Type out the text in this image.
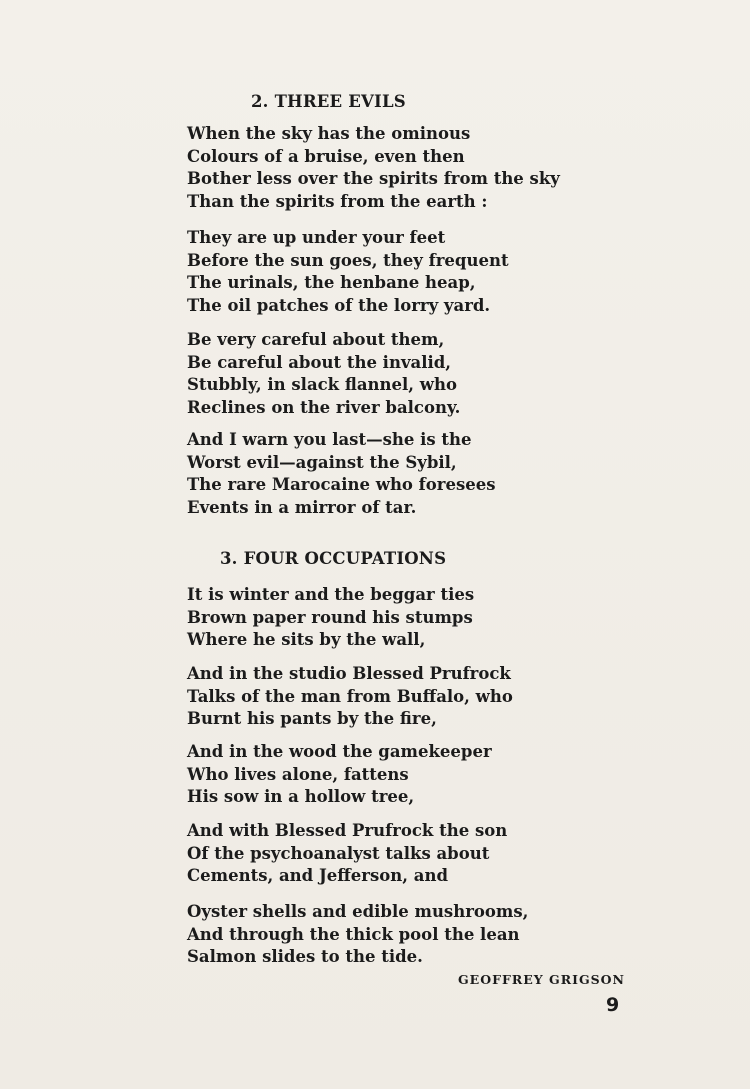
2. THREE EVILS
When the sky has the ominous
Colours of a bruise, even then
Bother less over the spirits from the sky
Than the spirits from the earth :
They are up under your feet
Before the sun goes, they frequent
The urinals, the henbane heap,
The oil patches of the lorry yard.
Be very careful about them,
Be careful about the invalid,
Stubbly, in slack flannel, who
Reclines on the river balcony.
And I warn you last—she is the
Worst evil—against the Sybil,
The rare Marocaine who foresees
Events in a mirror of tar.
3. FOUR OCCUPATIONS
It is winter and the beggar ties
Brown paper round his stumps
Where he sits by the wall,
And in the studio Blessed Prufrock
Talks of the man from Buffalo, who
Burnt his pants by the fire,
And in the wood the gamekeeper
Who lives alone, fattens
His sow in a hollow tree,
And with Blessed Prufrock the son
Of the psychoanalyst talks about
Cements, and Jefferson, and
Oyster shells and edible mushrooms,
And through the thick pool the lean
Salmon slides to the tide.
GEOFFREY GRIGSON
9
